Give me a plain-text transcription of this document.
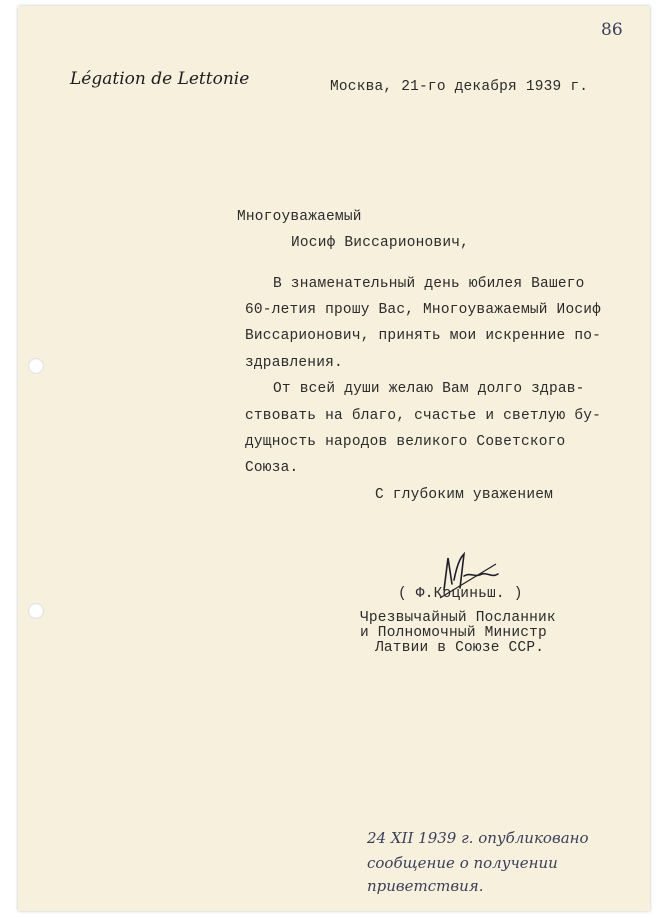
86
Légation de Lettonie	Москва, 21-го декабря 1939 г.
Многоуважаемый
Иосиф Виссарионович,
В знаменательный день юбилея Вашего
60-летия прошу Вас, Многоуважаемый Иосиф
Виссарионович, принять мои искренние по-
здравления.
От всей души желаю Вам долго здрав-
ствовать на благо, счастье и светлую бу-
дущность народов великого Советского
Союза.
С глубоким уважением
( Ф.Коциньш. )
Чрезвычайный Посланник
и Полномочный Министр
Латвии в Союзе ССР.
24 XII 1939 г. опубликовано
сообщение о получении
приветствия.
